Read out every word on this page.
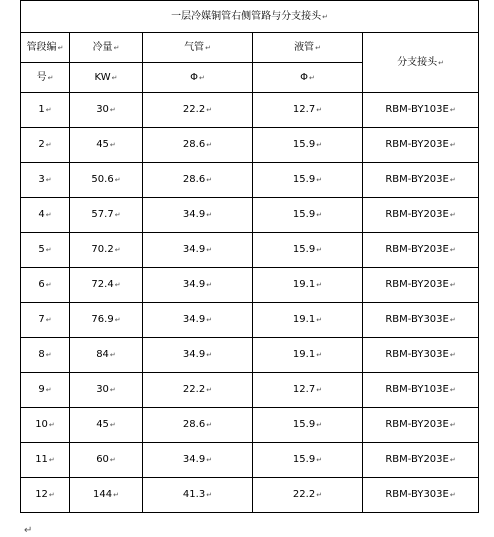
一层冷媒铜管右侧管路与分支接头↵				
管段编↵	冷量↵	气管↵	液管↵	分支接头↵
号↵	KW↵	Φ↵	Φ↵	
1↵	30↵	22.2↵	12.7↵	RBM-BY103E↵
2↵	45↵	28.6↵	15.9↵	RBM-BY203E↵
3↵	50.6↵	28.6↵	15.9↵	RBM-BY203E↵
4↵	57.7↵	34.9↵	15.9↵	RBM-BY203E↵
5↵	70.2↵	34.9↵	15.9↵	RBM-BY203E↵
6↵	72.4↵	34.9↵	19.1↵	RBM-BY203E↵
7↵	76.9↵	34.9↵	19.1↵	RBM-BY303E↵
8↵	84↵	34.9↵	19.1↵	RBM-BY303E↵
9↵	30↵	22.2↵	12.7↵	RBM-BY103E↵
10↵	45↵	28.6↵	15.9↵	RBM-BY203E↵
11↵	60↵	34.9↵	15.9↵	RBM-BY203E↵
12↵	144↵	41.3↵	22.2↵	RBM-BY303E↵
↵
